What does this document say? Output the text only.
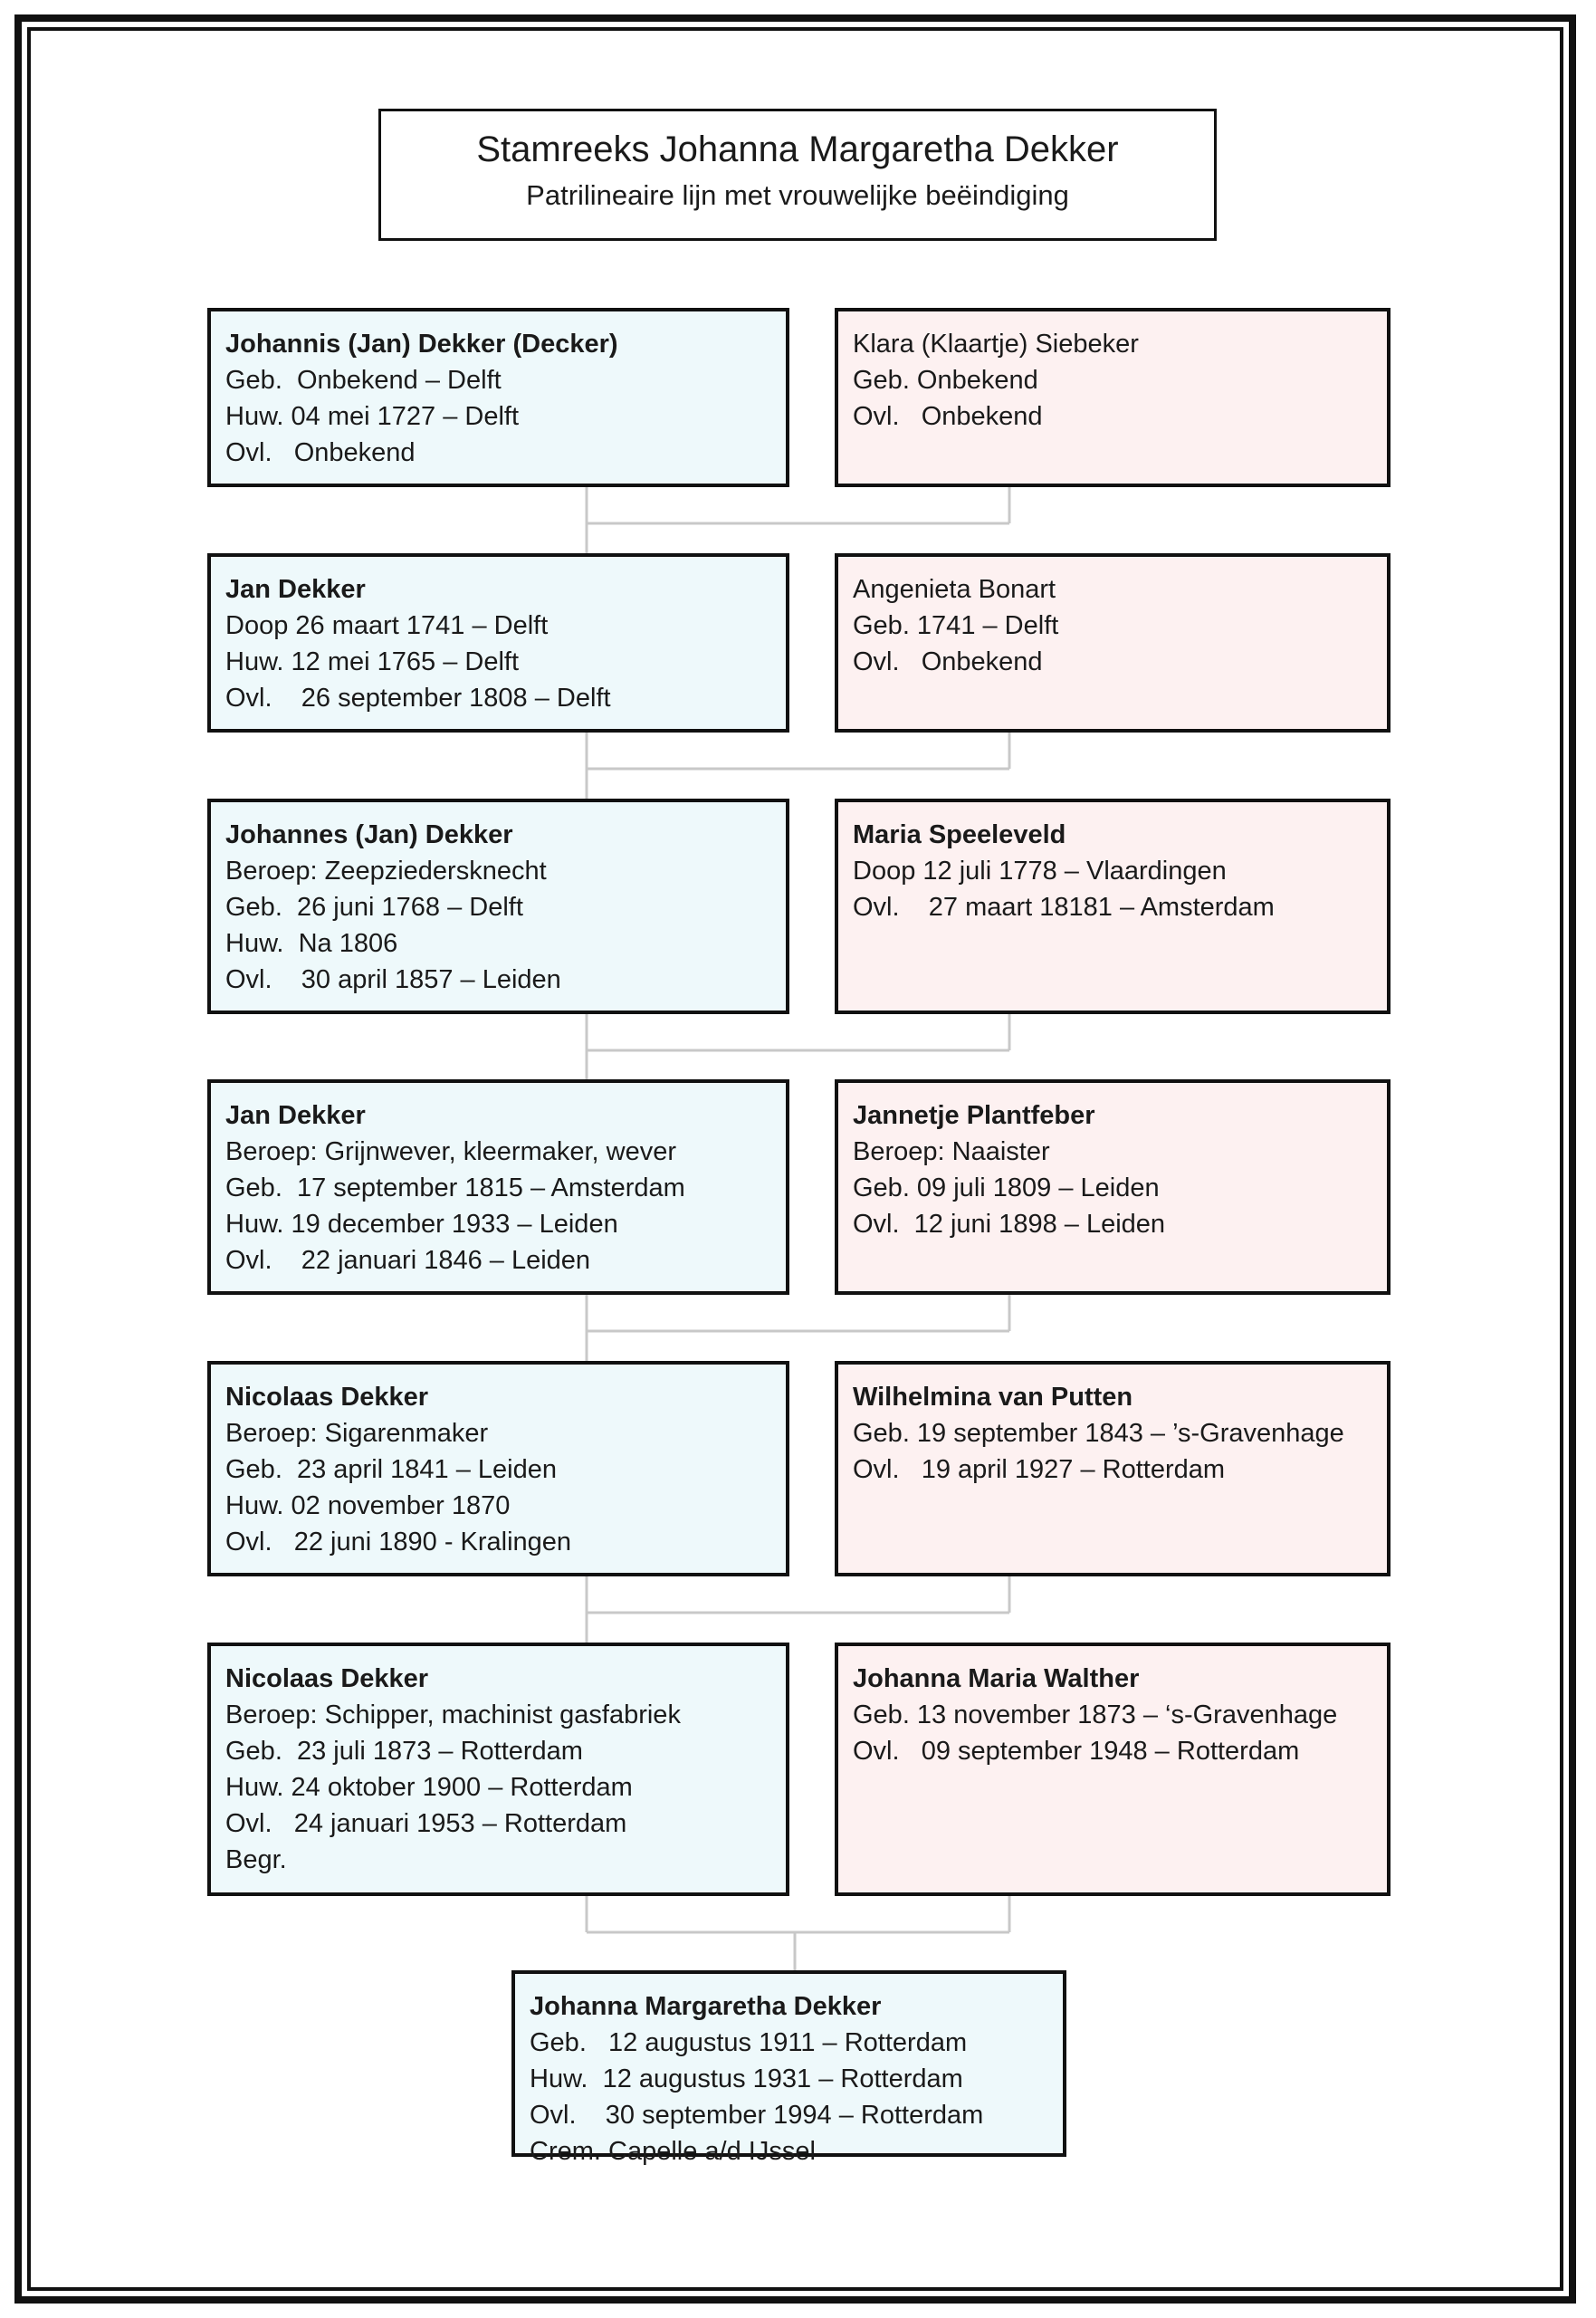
Stamreeks Johanna Margaretha Dekker
Patrilineaire lijn met vrouwelijke beëindiging
Johannis (Jan) Dekker (Decker)
Geb.  Onbekend – Delft
Huw. 04 mei 1727 – Delft
Ovl.   Onbekend
Klara (Klaartje) Siebeker
Geb. Onbekend
Ovl.   Onbekend
Jan Dekker
Doop 26 maart 1741 – Delft
Huw. 12 mei 1765 – Delft
Ovl.    26 september 1808 – Delft
Angenieta Bonart
Geb. 1741 – Delft
Ovl.   Onbekend
Johannes (Jan) Dekker
Beroep: Zeepziedersknecht
Geb.  26 juni 1768 – Delft
Huw.  Na 1806
Ovl.    30 april 1857 – Leiden
Maria Speeleveld
Doop 12 juli 1778 – Vlaardingen
Ovl.    27 maart 18181 – Amsterdam
Jan Dekker
Beroep: Grijnwever, kleermaker, wever
Geb.  17 september 1815 – Amsterdam
Huw. 19 december 1933 – Leiden
Ovl.    22 januari 1846 – Leiden
Jannetje Plantfeber
Beroep: Naaister
Geb. 09 juli 1809 – Leiden
Ovl.  12 juni 1898 – Leiden
Nicolaas Dekker
Beroep: Sigarenmaker
Geb.  23 april 1841 – Leiden
Huw. 02 november 1870
Ovl.   22 juni 1890 - Kralingen
Wilhelmina van Putten
Geb. 19 september 1843 – ’s-Gravenhage
Ovl.   19 april 1927 – Rotterdam
Nicolaas Dekker
Beroep: Schipper, machinist gasfabriek
Geb.  23 juli 1873 – Rotterdam
Huw. 24 oktober 1900 – Rotterdam
Ovl.   24 januari 1953 – Rotterdam
Begr.
Johanna Maria Walther
Geb. 13 november 1873 – ‘s-Gravenhage
Ovl.   09 september 1948 – Rotterdam
Johanna Margaretha Dekker
Geb.   12 augustus 1911 – Rotterdam
Huw.  12 augustus 1931 – Rotterdam
Ovl.    30 september 1994 – Rotterdam
Crem. Capelle a/d IJssel
